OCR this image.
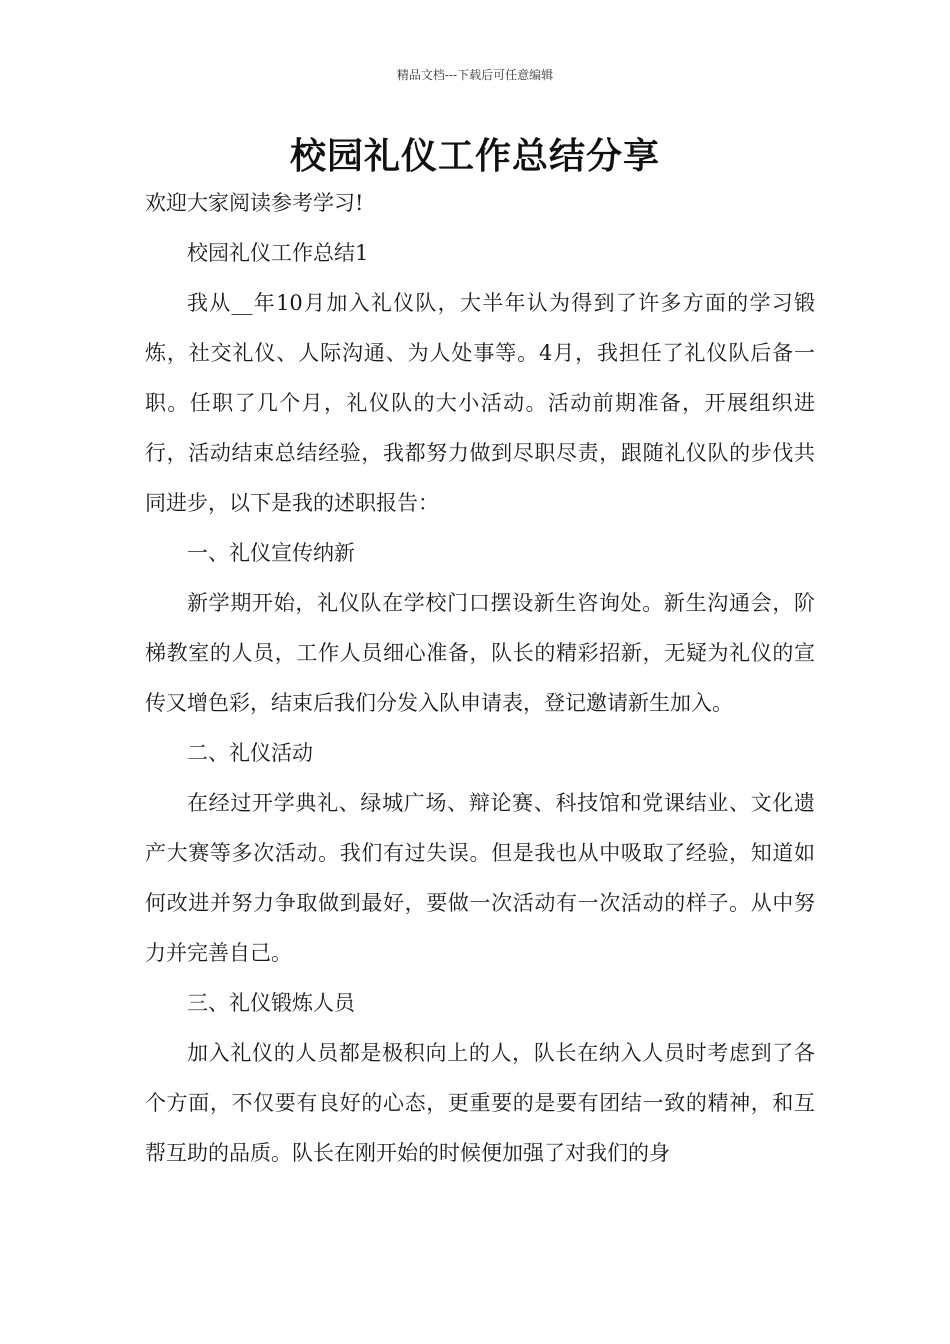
精品文档---下载后可任意编辑
校园礼仪工作总结分享

欢迎大家阅读参考学习!

校园礼仪工作总结1

我从__年10月加入礼仪队，大半年认为得到了许多方面的学习锻炼，社交礼仪、人际沟通、为人处事等。4月，我担任了礼仪队后备一职。任职了几个月，礼仪队的大小活动。活动前期准备，开展组织进行，活动结束总结经验，我都努力做到尽职尽责，跟随礼仪队的步伐共同进步，以下是我的述职报告：

一、礼仪宣传纳新

新学期开始，礼仪队在学校门口摆设新生咨询处。新生沟通会，阶梯教室的人员，工作人员细心准备，队长的精彩招新，无疑为礼仪的宣传又增色彩，结束后我们分发入队申请表，登记邀请新生加入。

二、礼仪活动

在经过开学典礼、绿城广场、辩论赛、科技馆和党课结业、文化遗产大赛等多次活动。我们有过失误。但是我也从中吸取了经验，知道如何改进并努力争取做到最好，要做一次活动有一次活动的样子。从中努力并完善自己。

三、礼仪锻炼人员

加入礼仪的人员都是极积向上的人，队长在纳入人员时考虑到了各个方面，不仅要有良好的心态，更重要的是要有团结一致的精神，和互帮互助的品质。队长在刚开始的时候便加强了对我们的身
